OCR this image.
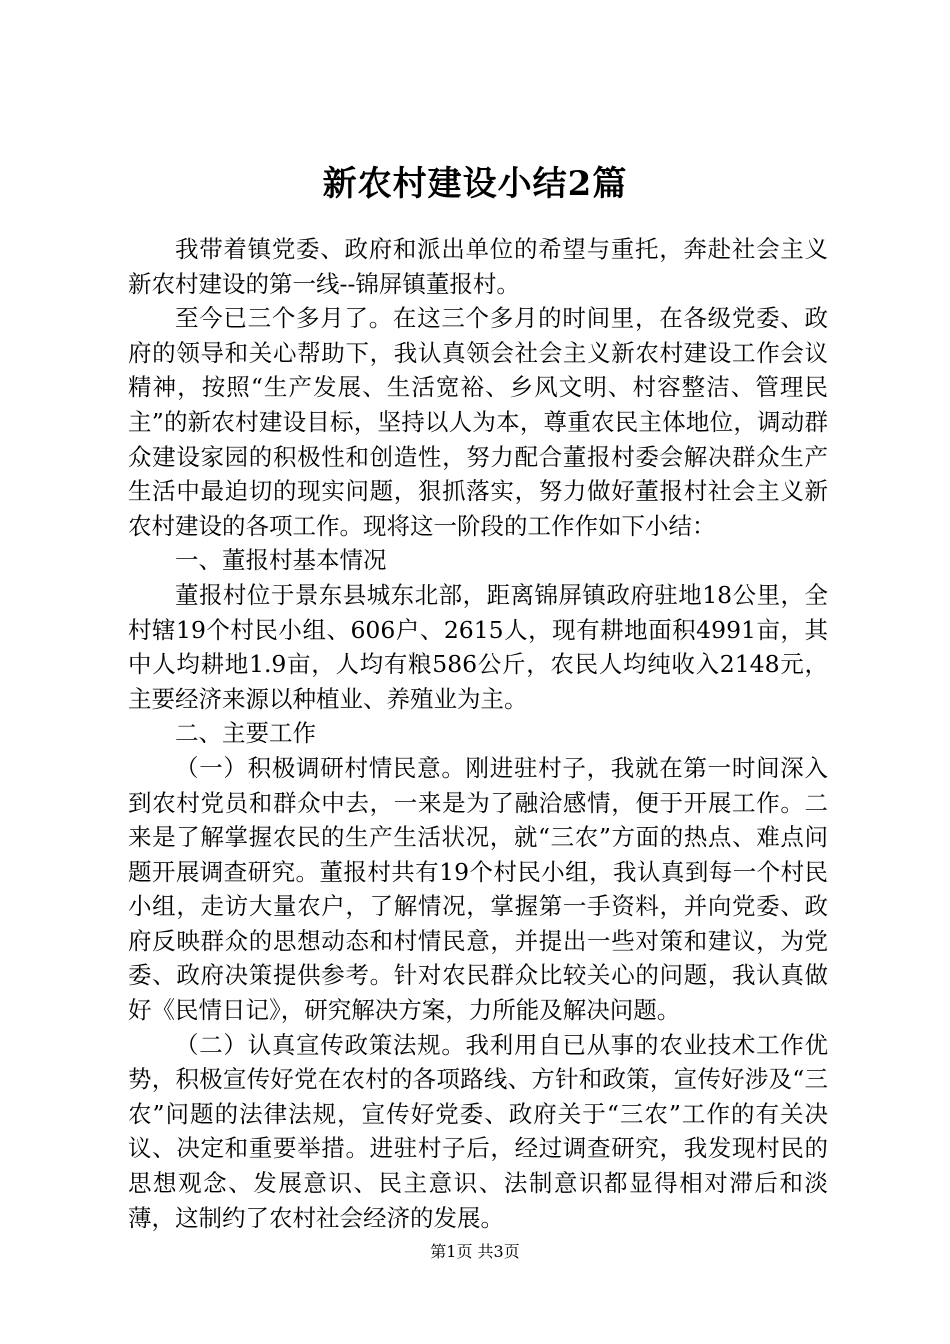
新农村建设小结2篇

我带着镇党委、政府和派出单位的希望与重托，奔赴社会主义新农村建设的第一线--锦屏镇董报村。

至今已三个多月了。在这三个多月的时间里，在各级党委、政府的领导和关心帮助下，我认真领会社会主义新农村建设工作会议精神，按照“生产发展、生活宽裕、乡风文明、村容整洁、管理民主”的新农村建设目标，坚持以人为本，尊重农民主体地位，调动群众建设家园的积极性和创造性，努力配合董报村委会解决群众生产生活中最迫切的现实问题，狠抓落实，努力做好董报村社会主义新农村建设的各项工作。现将这一阶段的工作作如下小结：

一、董报村基本情况

董报村位于景东县城东北部，距离锦屏镇政府驻地18公里，全村辖19个村民小组、606户、2615人，现有耕地面积4991亩，其中人均耕地1.9亩，人均有粮586公斤，农民人均纯收入2148元，主要经济来源以种植业、养殖业为主。

二、主要工作

（一）积极调研村情民意。刚进驻村子，我就在第一时间深入到农村党员和群众中去，一来是为了融洽感情，便于开展工作。二来是了解掌握农民的生产生活状况，就“三农”方面的热点、难点问题开展调查研究。董报村共有19个村民小组，我认真到每一个村民小组，走访大量农户，了解情况，掌握第一手资料，并向党委、政府反映群众的思想动态和村情民意，并提出一些对策和建议，为党委、政府决策提供参考。针对农民群众比较关心的问题，我认真做好《民情日记》，研究解决方案，力所能及解决问题。

（二）认真宣传政策法规。我利用自已从事的农业技术工作优势，积极宣传好党在农村的各项路线、方针和政策，宣传好涉及“三农”问题的法律法规，宣传好党委、政府关于“三农”工作的有关决议、决定和重要举措。进驻村子后，经过调查研究，我发现村民的思想观念、发展意识、民主意识、法制意识都显得相对滞后和淡薄，这制约了农村社会经济的发展。

第1页 共3页
